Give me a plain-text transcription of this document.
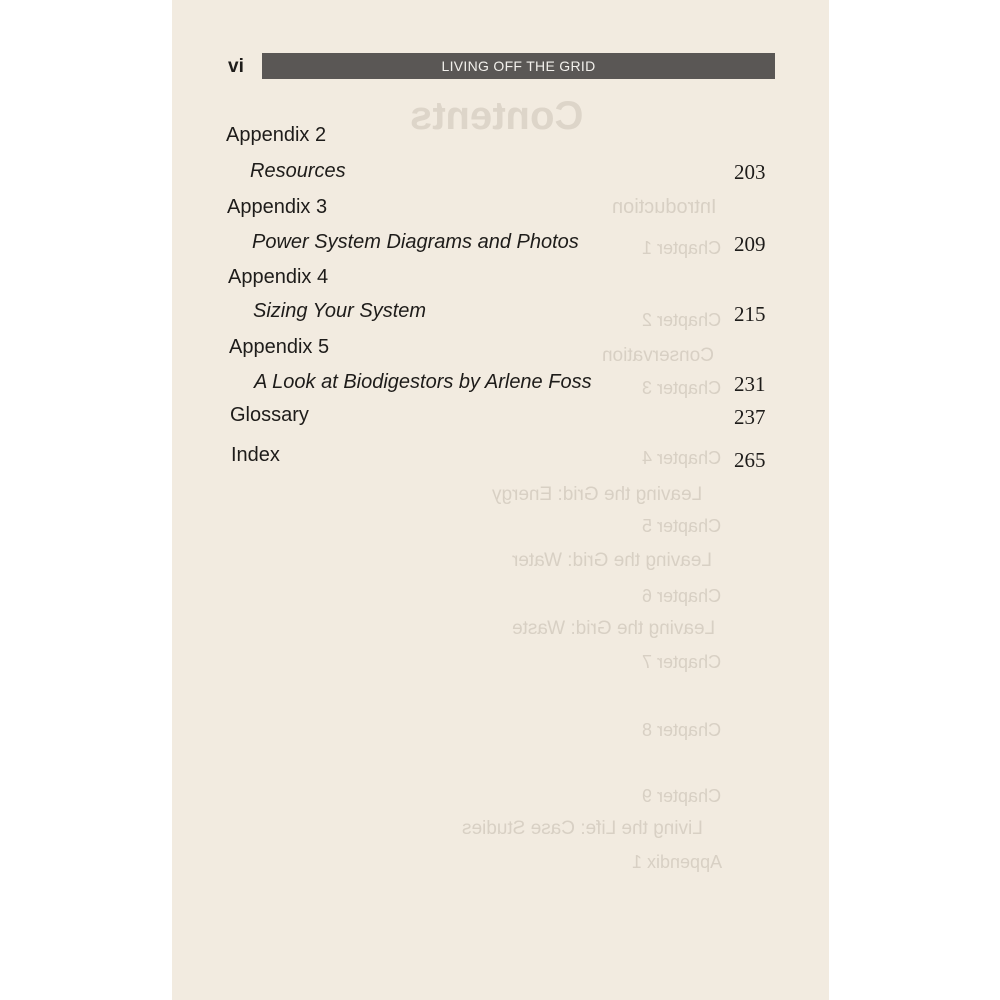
Contents
Introduction
Chapter 1
Chapter 2
Conservation
Chapter 3
Chapter 4
Leaving the Grid: Energy
Chapter 5
Leaving the Grid: Water
Chapter 6
Leaving the Grid: Waste
Chapter 7
Chapter 8
Chapter 9
Living the Life: Case Studies
Appendix 1
vi	LIVING OFF THE GRID
Appendix 2
Resources	203
Appendix 3
Power System Diagrams and Photos	209
Appendix 4
Sizing Your System	215
Appendix 5
A Look at Biodigestors by Arlene Foss	231
Glossary	237
Index	265
